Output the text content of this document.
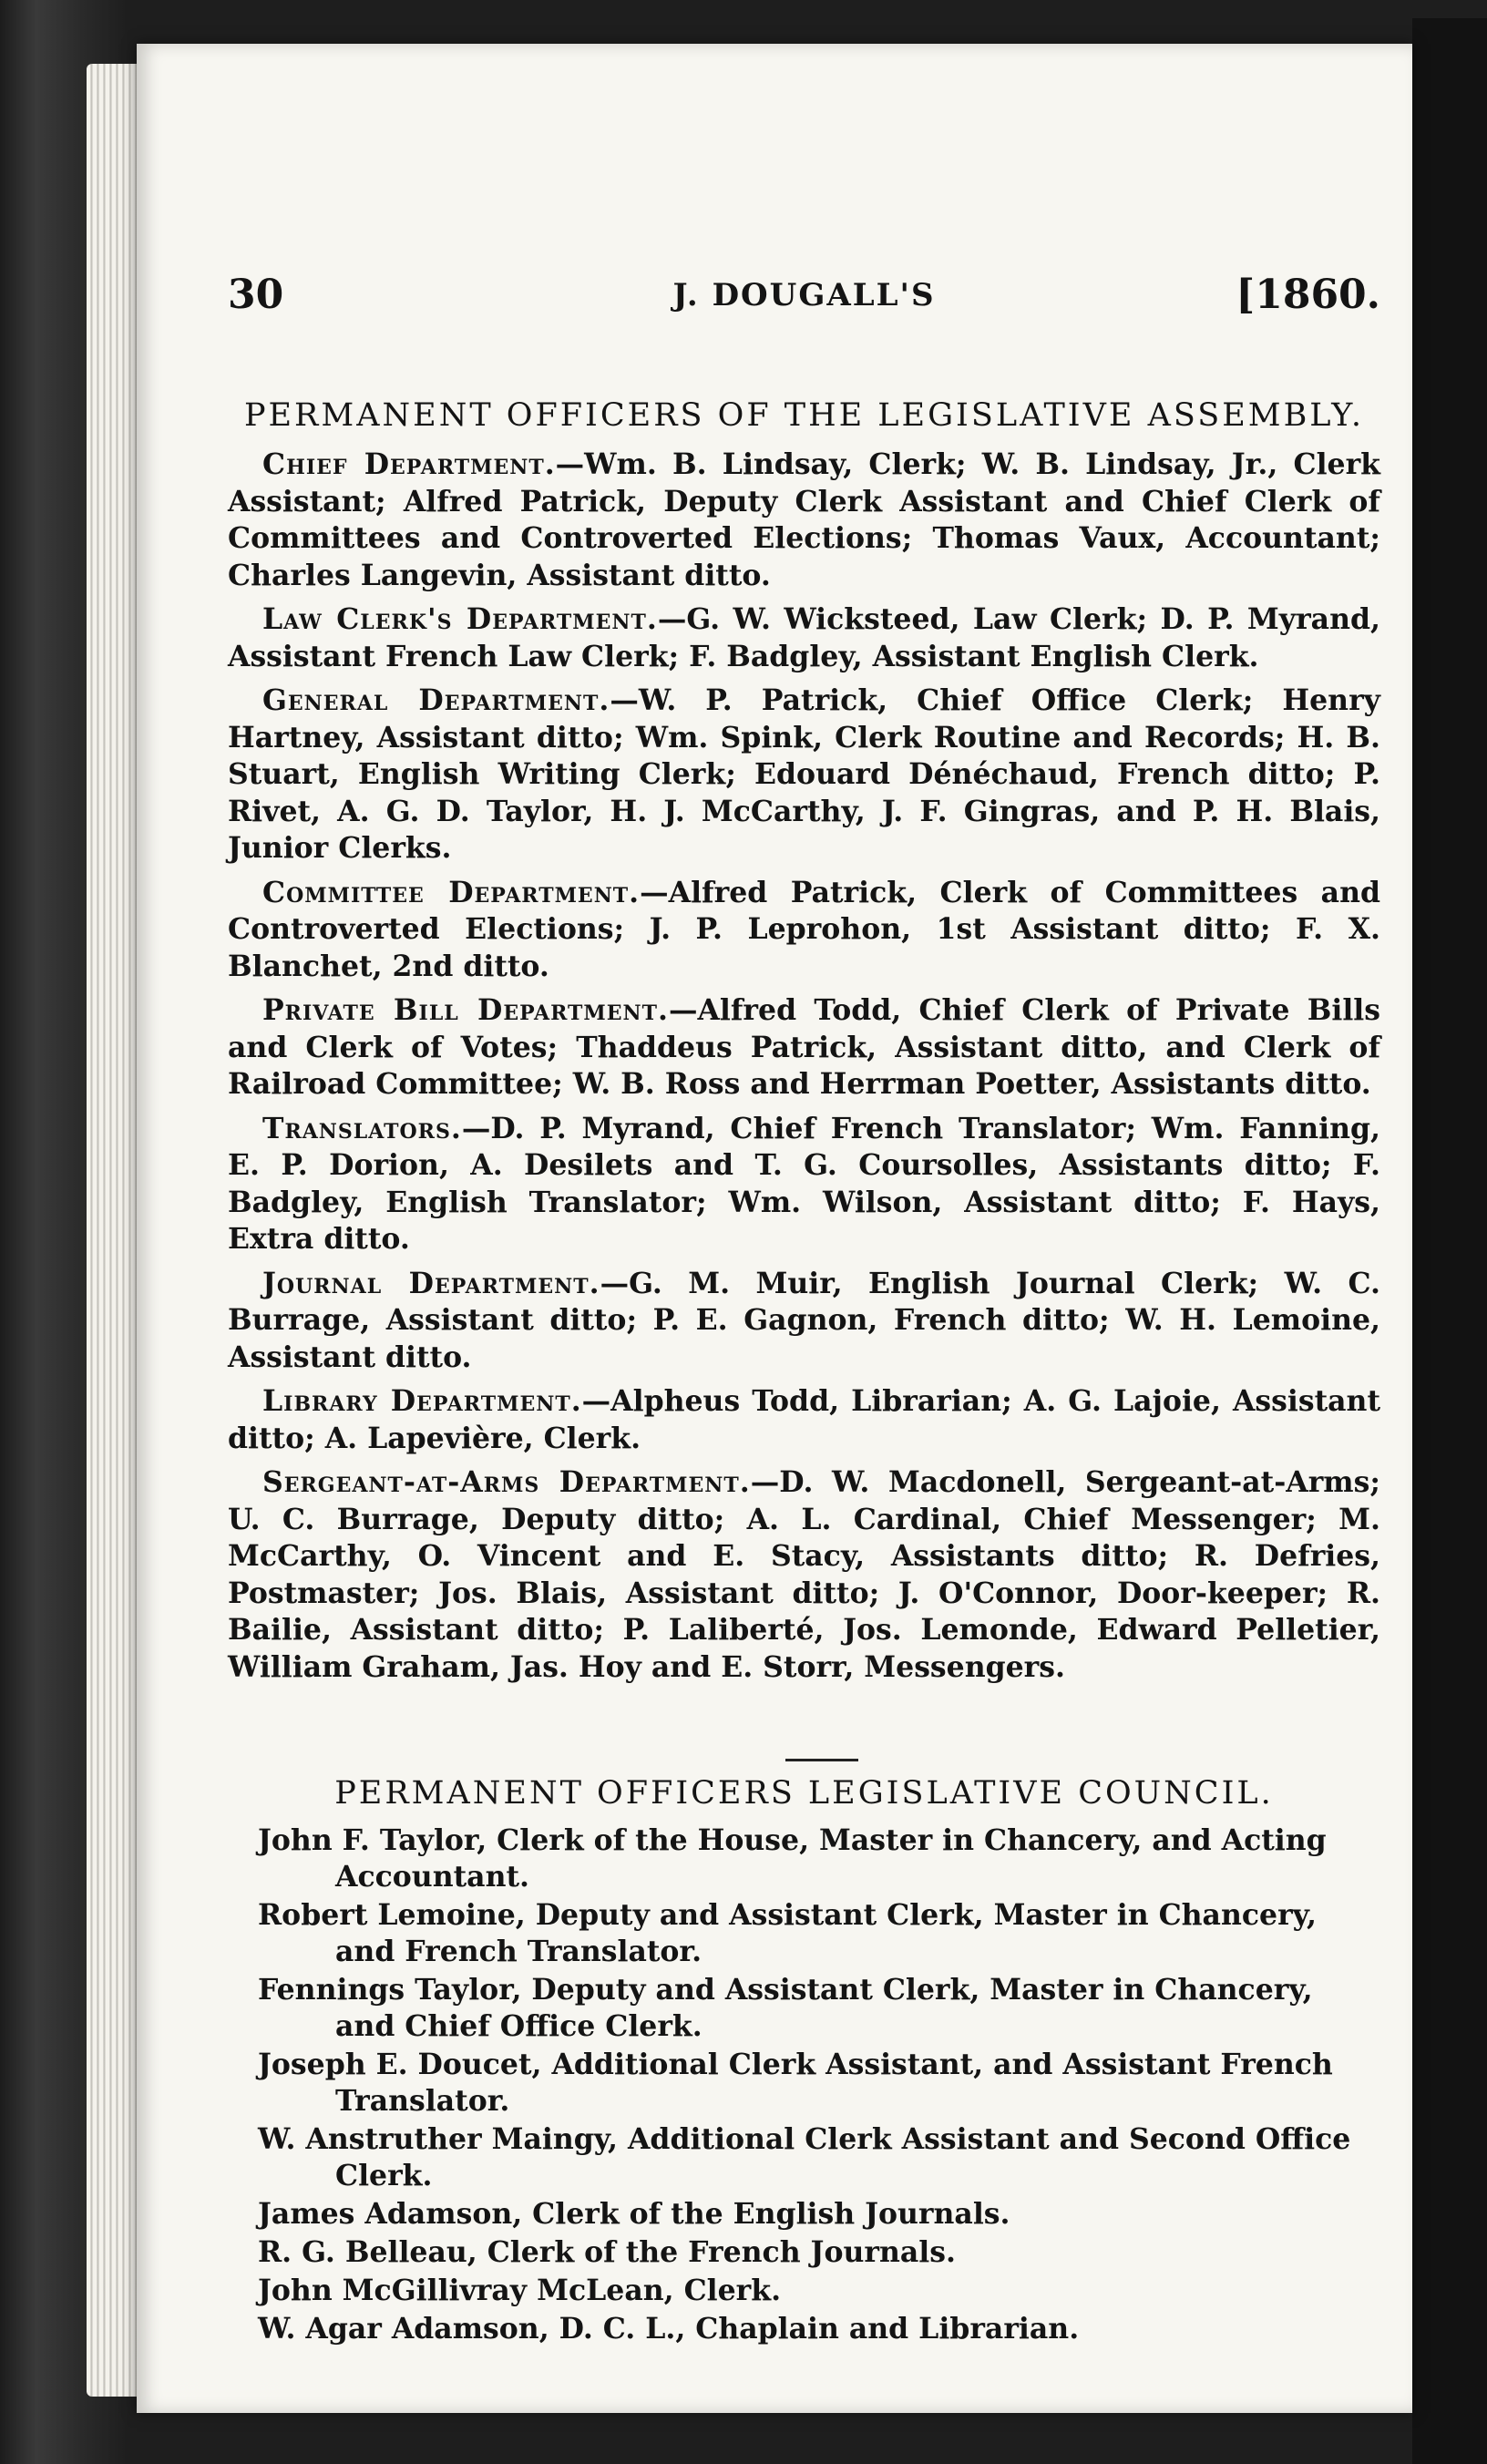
30	J. DOUGALL'S	[1860.
PERMANENT OFFICERS OF THE LEGISLATIVE ASSEMBLY.

Chief Department.—Wm. B. Lindsay, Clerk; W. B. Lindsay, Jr., Clerk Assistant; Alfred Patrick, Deputy Clerk Assistant and Chief Clerk of Committees and Controverted Elections; Thomas Vaux, Accountant; Charles Langevin, Assistant ditto.

Law Clerk's Department.—G. W. Wicksteed, Law Clerk; D. P. Myrand, Assistant French Law Clerk; F. Badgley, Assistant English Clerk.

General Department.—W. P. Patrick, Chief Office Clerk; Henry Hartney, Assistant ditto; Wm. Spink, Clerk Routine and Records; H. B. Stuart, English Writing Clerk; Edouard Dénéchaud, French ditto; P. Rivet, A. G. D. Taylor, H. J. McCarthy, J. F. Gingras, and P. H. Blais, Junior Clerks.

Committee Department.—Alfred Patrick, Clerk of Committees and Controverted Elections; J. P. Leprohon, 1st Assistant ditto; F. X. Blanchet, 2nd ditto.

Private Bill Department.—Alfred Todd, Chief Clerk of Private Bills and Clerk of Votes; Thaddeus Patrick, Assistant ditto, and Clerk of Railroad Committee; W. B. Ross and Herrman Poetter, Assistants ditto.

Translators.—D. P. Myrand, Chief French Translator; Wm. Fanning, E. P. Dorion, A. Desilets and T. G. Coursolles, Assistants ditto; F. Badgley, English Translator; Wm. Wilson, Assistant ditto; F. Hays, Extra ditto.

Journal Department.—G. M. Muir, English Journal Clerk; W. C. Burrage, Assistant ditto; P. E. Gagnon, French ditto; W. H. Lemoine, Assistant ditto.

Library Department.—Alpheus Todd, Librarian; A. G. Lajoie, Assistant ditto; A. Lapevière, Clerk.

Sergeant-at-Arms Department.—D. W. Macdonell, Sergeant-at-Arms; U. C. Burrage, Deputy ditto; A. L. Cardinal, Chief Messenger; M. McCarthy, O. Vincent and E. Stacy, Assistants ditto; R. Defries, Postmaster; Jos. Blais, Assistant ditto; J. O'Connor, Door-keeper; R. Bailie, Assistant ditto; P. Laliberté, Jos. Lemonde, Edward Pelletier, William Graham, Jas. Hoy and E. Storr, Messengers.

PERMANENT OFFICERS LEGISLATIVE COUNCIL.

John F. Taylor, Clerk of the House, Master in Chancery, and Acting Accountant.

Robert Lemoine, Deputy and Assistant Clerk, Master in Chancery, and French Translator.

Fennings Taylor, Deputy and Assistant Clerk, Master in Chancery, and Chief Office Clerk.

Joseph E. Doucet, Additional Clerk Assistant, and Assistant French Translator.

W. Anstruther Maingy, Additional Clerk Assistant and Second Office Clerk.

James Adamson, Clerk of the English Journals.

R. G. Belleau, Clerk of the French Journals.

John McGillivray McLean, Clerk.

W. Agar Adamson, D. C. L., Chaplain and Librarian.
